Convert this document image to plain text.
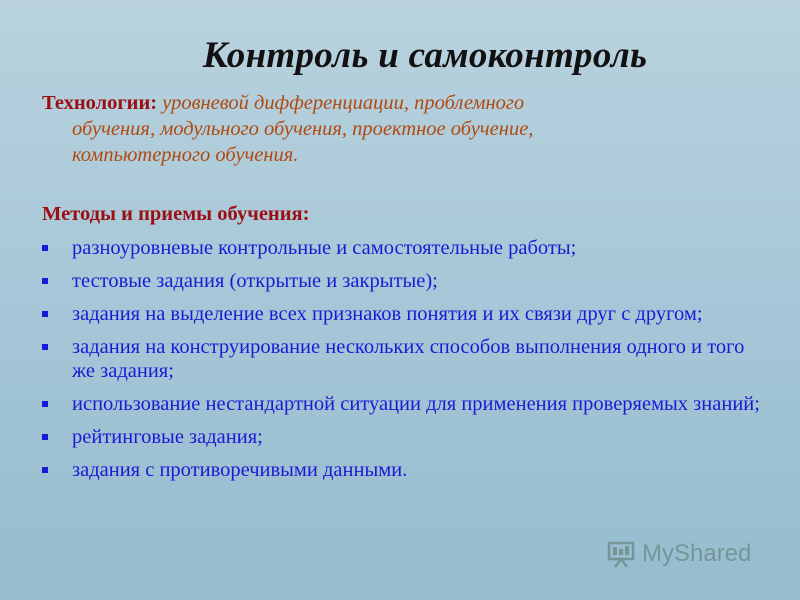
Контроль и самоконтроль
Технологии: уровневой дифференциации, проблемного
обучения, модульного обучения, проектное обучение,
компьютерного обучения.
Методы и приемы обучения:
разноуровневые контрольные и самостоятельные работы;
тестовые задания (открытые и закрытые);
задания на выделение всех признаков понятия и их связи друг с другом;
задания на конструирование нескольких способов выполнения одного и того же задания;
использование нестандартной ситуации для применения проверяемых знаний;
рейтинговые задания;
задания с противоречивыми данными.
MyShared
